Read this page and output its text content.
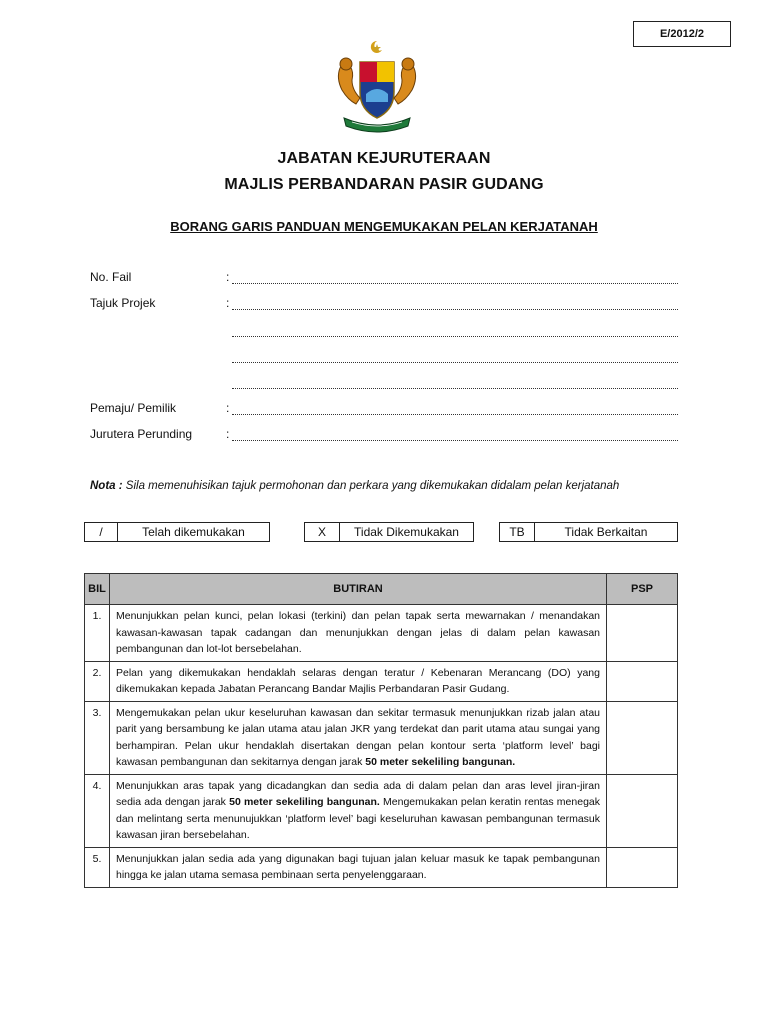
E/2012/2
JABATAN KEJURUTERAAN
MAJLIS PERBANDARAN PASIR GUDANG
BORANG GARIS PANDUAN MENGEMUKAKAN PELAN KERJATANAH
No. Fail	:
Tajuk Projek	:
Pemaju/ Pemilik	:
Jurutera Perunding	:
Nota : Sila memenuhisikan tajuk permohonan dan perkara yang dikemukakan didalam pelan kerjatanah
/	Telah dikemukakan	X	Tidak Dikemukakan	TB	Tidak Berkaitan
BIL	BUTIRAN	PSP
1.	Menunjukkan pelan kunci, pelan lokasi (terkini) dan pelan tapak serta mewarnakan / menandakan kawasan-kawasan tapak cadangan dan menunjukkan dengan jelas di dalam pelan kawasan pembangunan dan lot-lot bersebelahan.	
2.	Pelan yang dikemukakan hendaklah selaras dengan teratur / Kebenaran Merancang (DO) yang dikemukakan kepada Jabatan Perancang Bandar Majlis Perbandaran Pasir Gudang.	
3.	Mengemukakan pelan ukur keseluruhan kawasan dan sekitar termasuk menunjukkan rizab jalan atau parit yang bersambung ke jalan utama atau jalan JKR yang terdekat dan parit utama atau sungai yang berhampiran. Pelan ukur hendaklah disertakan dengan pelan kontour serta ‘platform level’ bagi kawasan pembangunan dan sekitarnya dengan jarak 50 meter sekeliling bangunan.	
4.	Menunjukkan aras tapak yang dicadangkan dan sedia ada di dalam pelan dan aras level jiran-jiran sedia ada dengan jarak 50 meter sekeliling bangunan. Mengemukakan pelan keratin rentas menegak dan melintang serta menunujukkan ‘platform level’ bagi keseluruhan kawasan pembangunan termasuk kawasan jiran bersebelahan.	
5.	Menunjukkan jalan sedia ada yang digunakan bagi tujuan jalan keluar masuk ke tapak pembangunan hingga ke jalan utama semasa pembinaan serta penyelenggaraan.	
